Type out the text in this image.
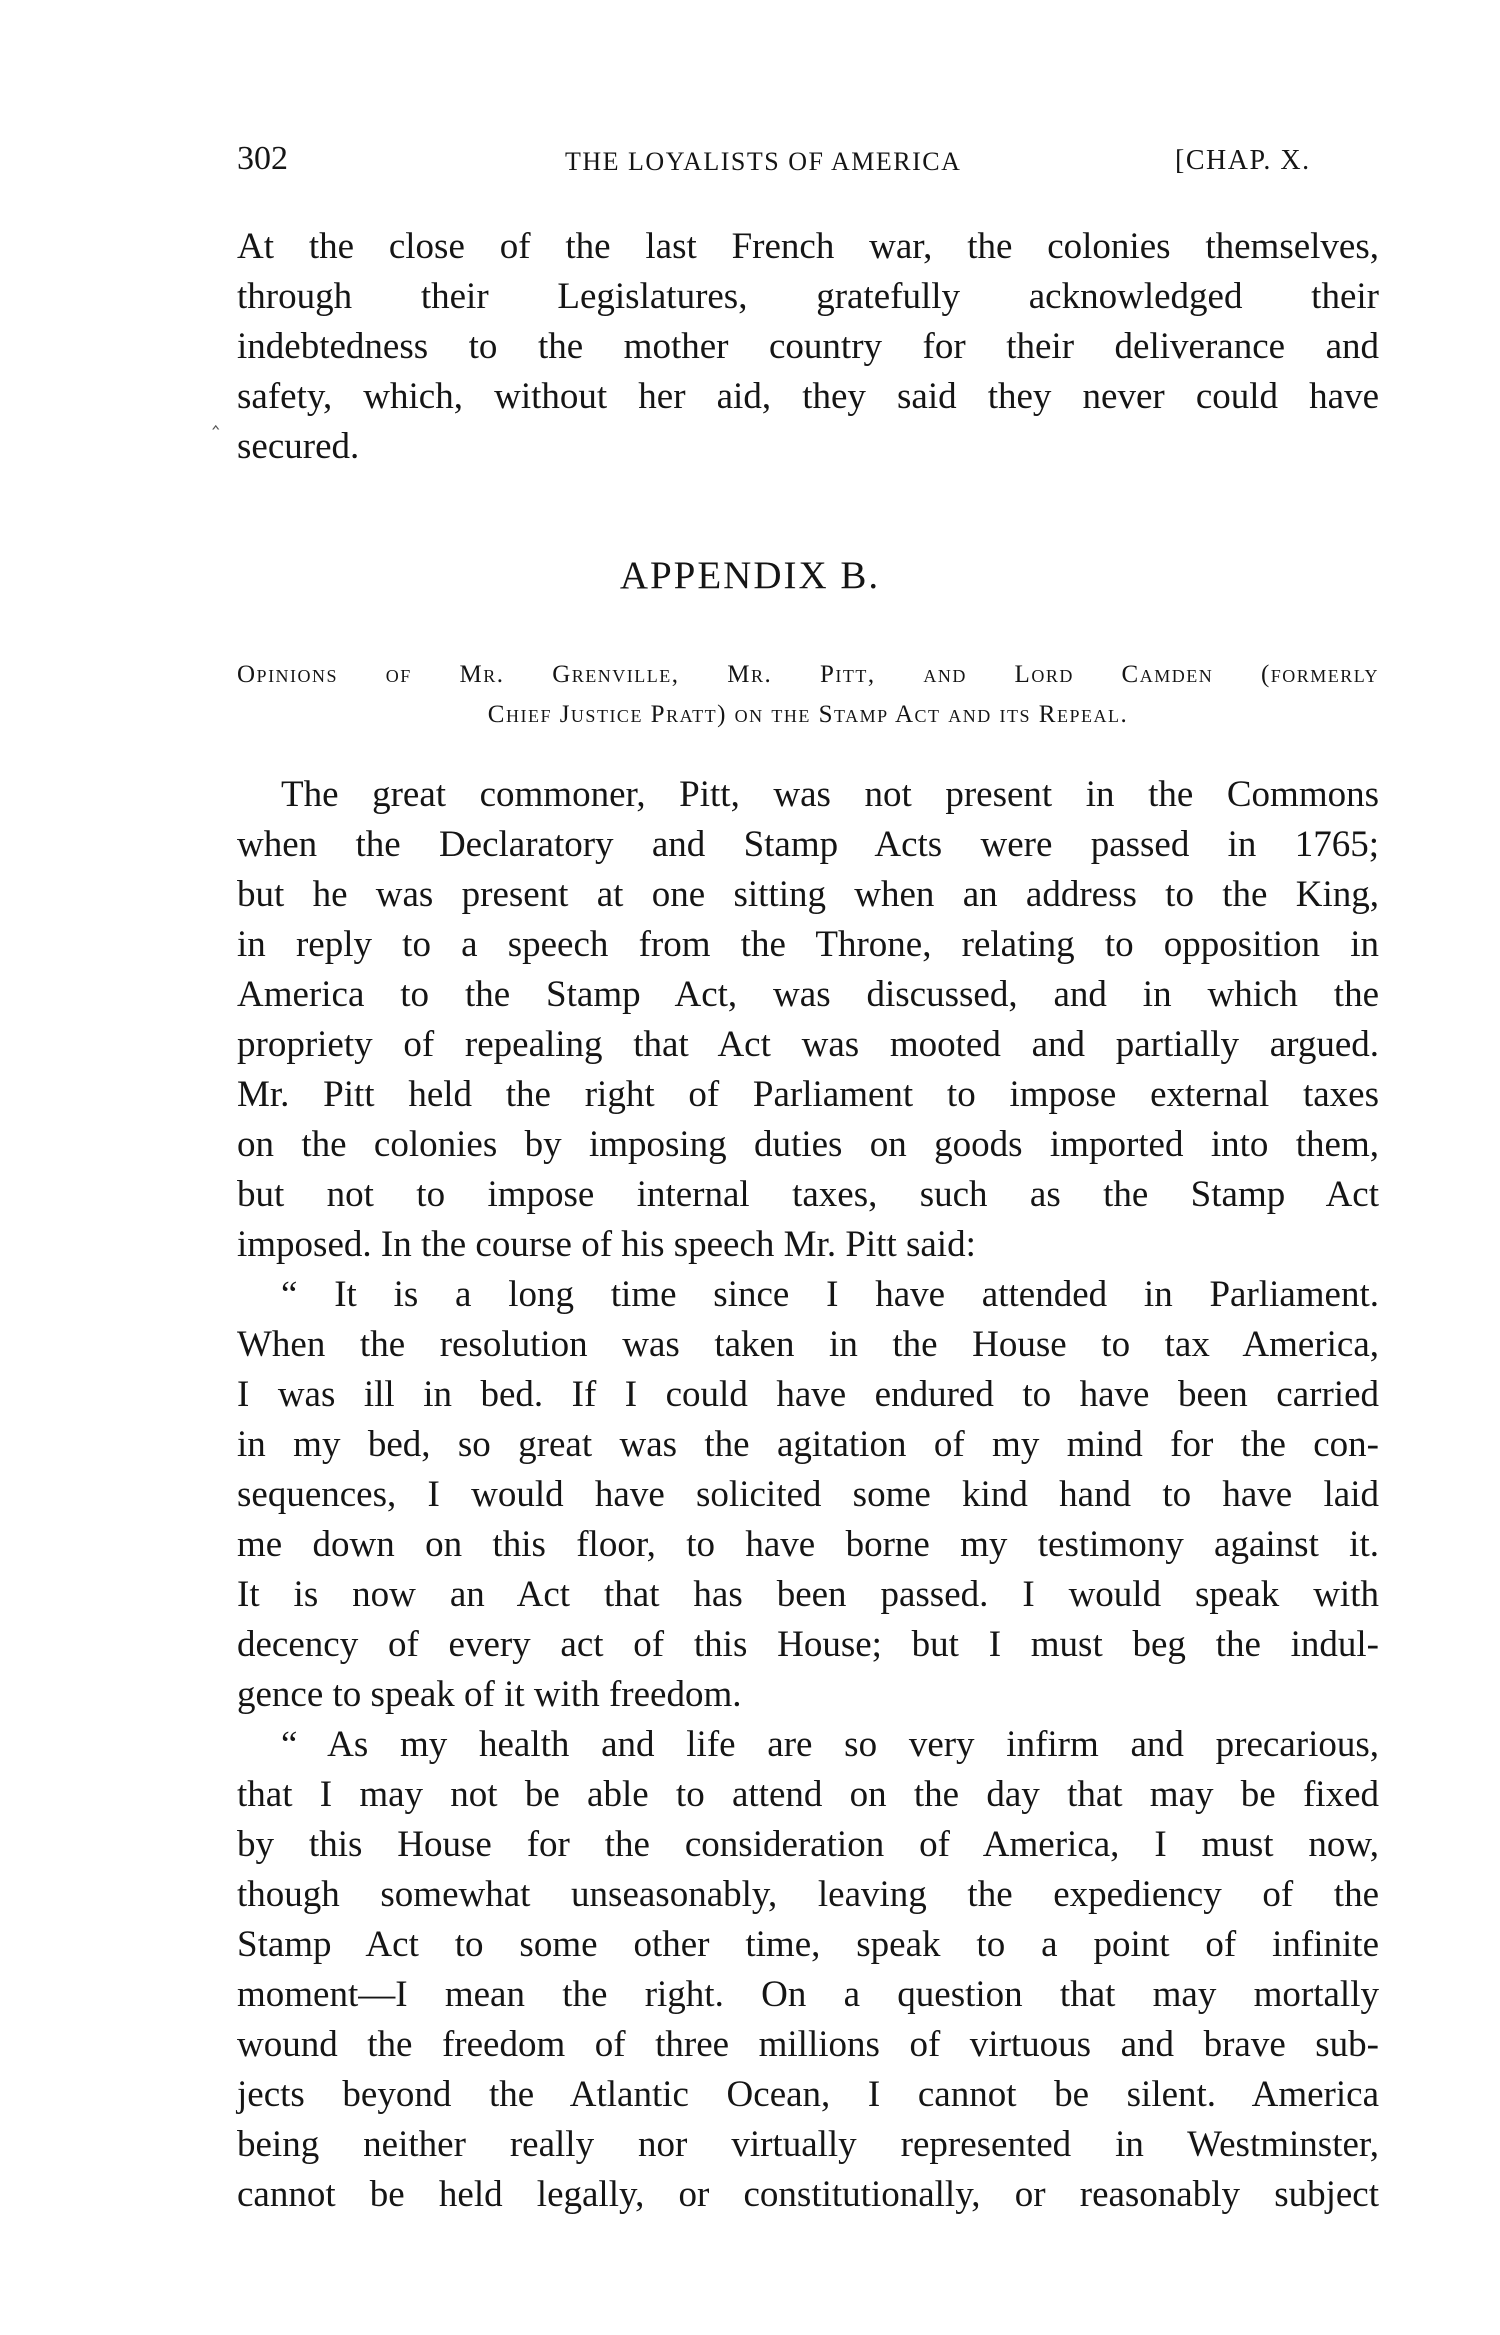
302	THE LOYALISTS OF AMERICA	[CHAP. X.
At the close of the last French war, the colonies themselves,
through their Legislatures, gratefully acknowledged their
indebtedness to the mother country for their deliverance and
safety, which, without her aid, they said they never could have
secured.
‸
APPENDIX B.
Opinions of Mr. Grenville, Mr. Pitt, and Lord Camden (formerly
Chief Justice Pratt) on the Stamp Act and its Repeal.
The great commoner, Pitt, was not present in the Commons
when the Declaratory and Stamp Acts were passed in 1765;
but he was present at one sitting when an address to the King,
in reply to a speech from the Throne, relating to opposition in
America to the Stamp Act, was discussed, and in which the
propriety of repealing that Act was mooted and partially argued.
Mr. Pitt held the right of Parliament to impose external taxes
on the colonies by imposing duties on goods imported into them,
but not to impose internal taxes, such as the Stamp Act
imposed. In the course of his speech Mr. Pitt said:
“ It is a long time since I have attended in Parliament.
When the resolution was taken in the House to tax America,
I was ill in bed. If I could have endured to have been carried
in my bed, so great was the agitation of my mind for the con-
sequences, I would have solicited some kind hand to have laid
me down on this floor, to have borne my testimony against it.
It is now an Act that has been passed. I would speak with
decency of every act of this House; but I must beg the indul-
gence to speak of it with freedom.
“ As my health and life are so very infirm and precarious,
that I may not be able to attend on the day that may be fixed
by this House for the consideration of America, I must now,
though somewhat unseasonably, leaving the expediency of the
Stamp Act to some other time, speak to a point of infinite
moment—I mean the right. On a question that may mortally
wound the freedom of three millions of virtuous and brave sub-
jects beyond the Atlantic Ocean, I cannot be silent. America
being neither really nor virtually represented in Westminster,
cannot be held legally, or constitutionally, or reasonably subject
